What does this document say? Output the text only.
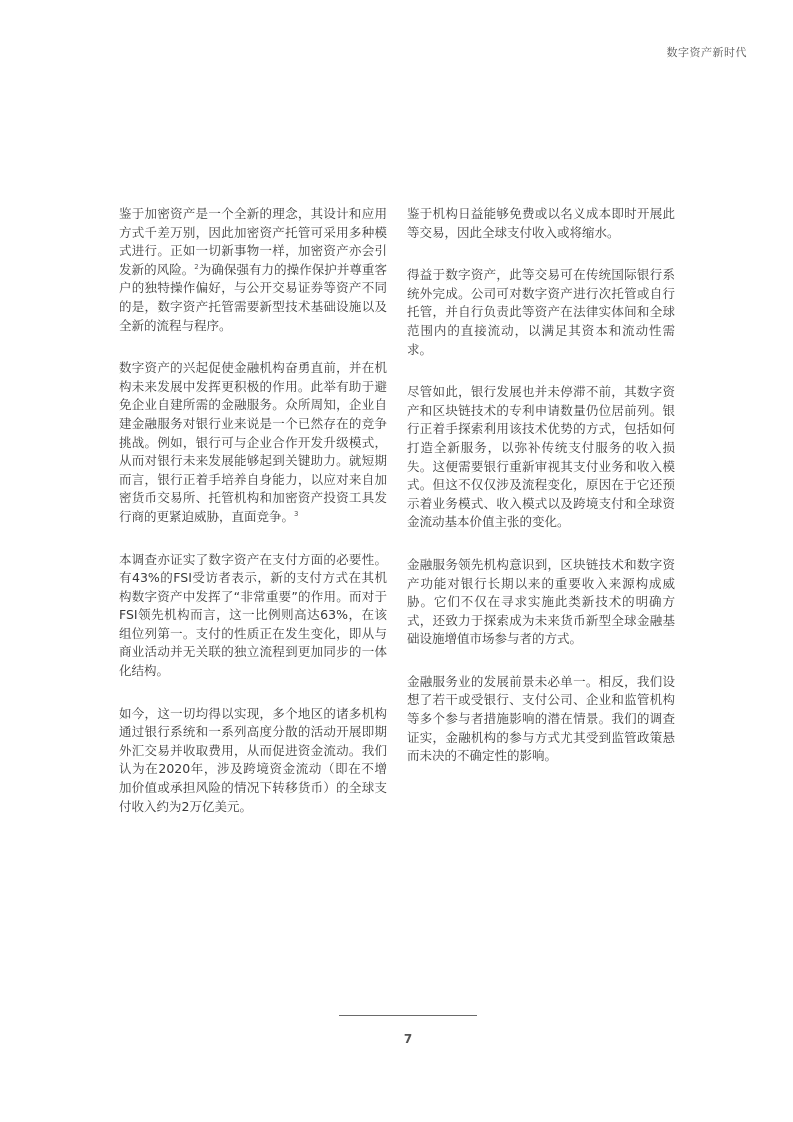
数字资产新时代

鉴于加密资产是一个全新的理念，其设计和应用方式千差万别，因此加密资产托管可采用多种模式进行。正如一切新事物一样，加密资产亦会引发新的风险。$^2$为确保强有力的操作保护并尊重客户的独特操作偏好，与公开交易证券等资产不同的是，数字资产托管需要新型技术基础设施以及全新的流程与程序。

数字资产的兴起促使金融机构奋勇直前，并在机构未来发展中发挥更积极的作用。此举有助于避免企业自建所需的金融服务。众所周知，企业自建金融服务对银行业来说是一个已然存在的竞争挑战。例如，银行可与企业合作开发升级模式，从而对银行未来发展能够起到关键助力。就短期而言，银行正着手培养自身能力，以应对来自加密货币交易所、托管机构和加密资产投资工具发行商的更紧迫威胁，直面竞争。$^3$

本调查亦证实了数字资产在支付方面的必要性。有43%的FSI受访者表示，新的支付方式在其机构数字资产中发挥了“非常重要”的作用。而对于FSI领先机构而言，这一比例则高达63%，在该组位列第一。支付的性质正在发生变化，即从与商业活动并无关联的独立流程到更加同步的一体化结构。

如今，这一切均得以实现，多个地区的诸多机构通过银行系统和一系列高度分散的活动开展即期外汇交易并收取费用，从而促进资金流动。我们认为在2020年，涉及跨境资金流动（即在不增加价值或承担风险的情况下转移货币）的全球支付收入约为2万亿美元。

鉴于机构日益能够免费或以名义成本即时开展此等交易，因此全球支付收入或将缩水。

得益于数字资产，此等交易可在传统国际银行系统外完成。公司可对数字资产进行次托管或自行托管，并自行负责此等资产在法律实体间和全球范围内的直接流动，以满足其资本和流动性需求。

尽管如此，银行发展也并未停滞不前，其数字资产和区块链技术的专利申请数量仍位居前列。银行正着手探索利用该技术优势的方式，包括如何打造全新服务，以弥补传统支付服务的收入损失。这便需要银行重新审视其支付业务和收入模式。但这不仅仅涉及流程变化，原因在于它还预示着业务模式、收入模式以及跨境支付和全球资金流动基本价值主张的变化。

金融服务领先机构意识到，区块链技术和数字资产功能对银行长期以来的重要收入来源构成威胁。它们不仅在寻求实施此类新技术的明确方式，还致力于探索成为未来货币新型全球金融基础设施增值市场参与者的方式。

金融服务业的发展前景未必单一。相反，我们设想了若干或受银行、支付公司、企业和监管机构等多个参与者措施影响的潜在情景。我们的调查证实，金融机构的参与方式尤其受到监管政策悬而未决的不确定性的影响。

7
